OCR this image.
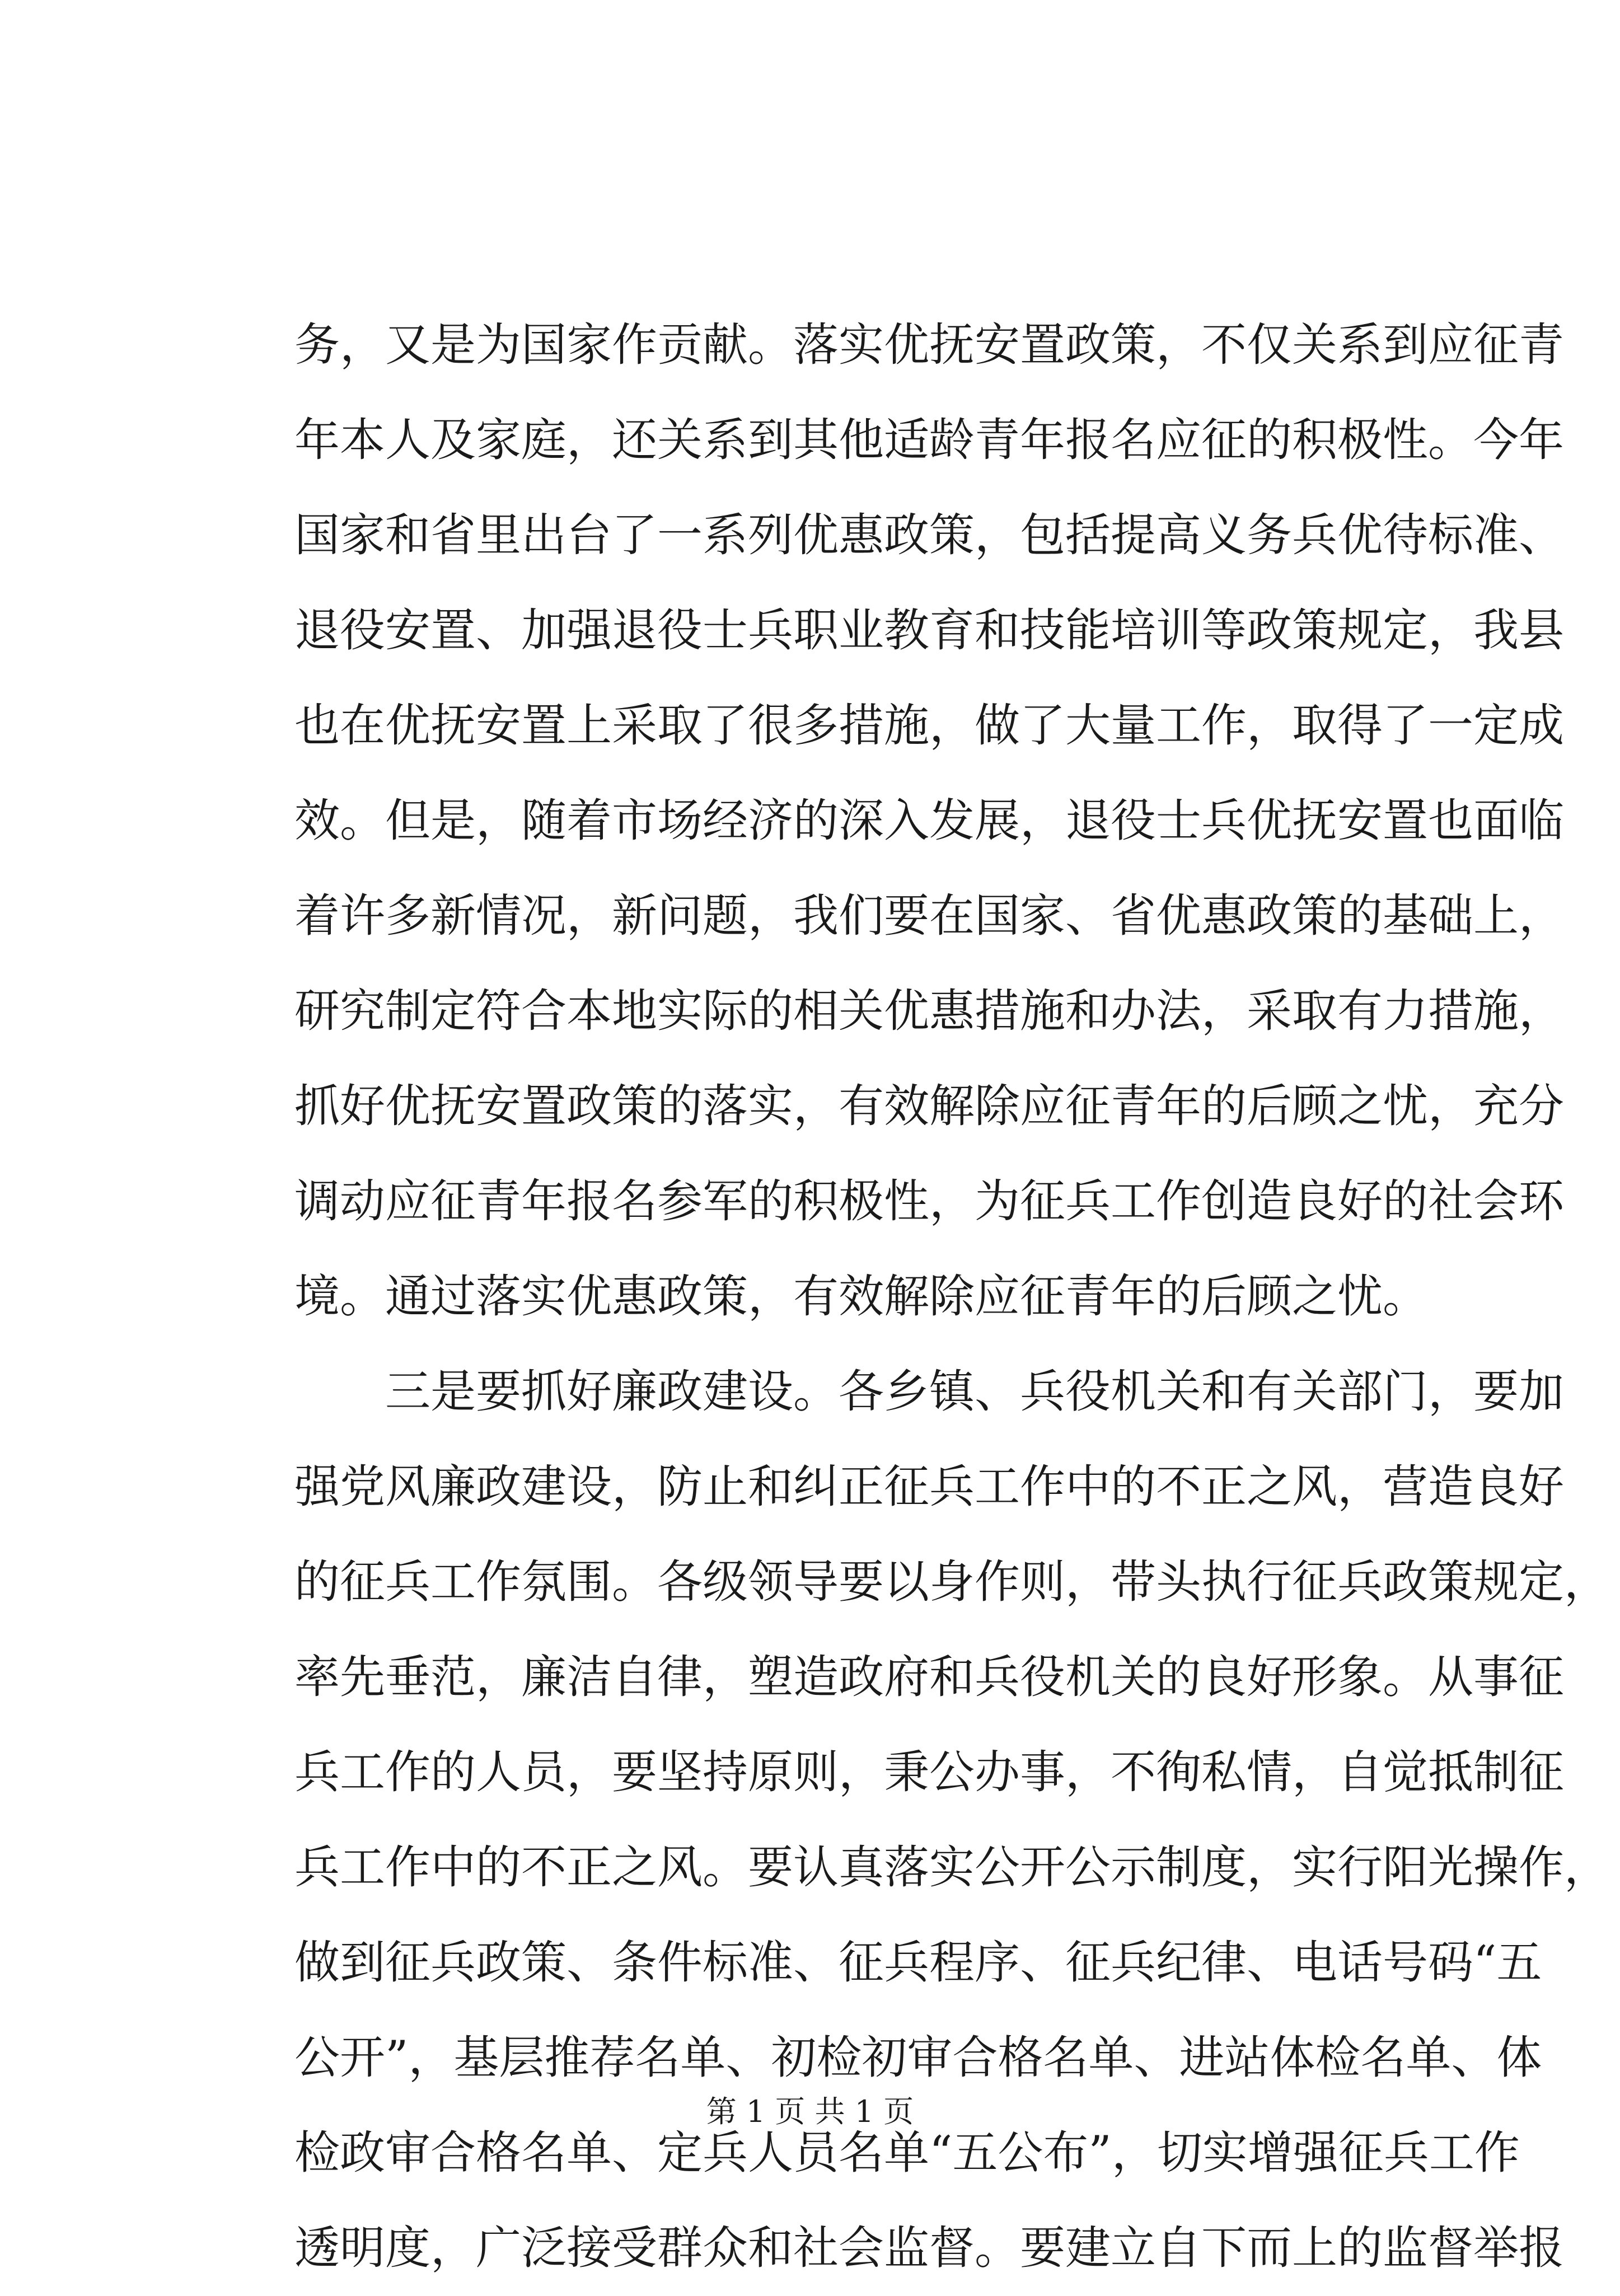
务，又是为国家作贡献。落实优抚安置政策，不仅关系到应征青
年本人及家庭，还关系到其他适龄青年报名应征的积极性。今年
国家和省里出台了一系列优惠政策，包括提高义务兵优待标准、
退役安置、加强退役士兵职业教育和技能培训等政策规定，我县
也在优抚安置上采取了很多措施，做了大量工作，取得了一定成
效。但是，随着市场经济的深入发展，退役士兵优抚安置也面临
着许多新情况，新问题，我们要在国家、省优惠政策的基础上，
研究制定符合本地实际的相关优惠措施和办法，采取有力措施，
抓好优抚安置政策的落实，有效解除应征青年的后顾之忧，充分
调动应征青年报名参军的积极性，为征兵工作创造良好的社会环
境。通过落实优惠政策，有效解除应征青年的后顾之忧。
三是要抓好廉政建设。各乡镇、兵役机关和有关部门，要加
强党风廉政建设，防止和纠正征兵工作中的不正之风，营造良好
的征兵工作氛围。各级领导要以身作则，带头执行征兵政策规定，
率先垂范，廉洁自律，塑造政府和兵役机关的良好形象。从事征
兵工作的人员，要坚持原则，秉公办事，不徇私情，自觉抵制征
兵工作中的不正之风。要认真落实公开公示制度，实行阳光操作，
做到征兵政策、条件标准、征兵程序、征兵纪律、电话号码“五
公开”，基层推荐名单、初检初审合格名单、进站体检名单、体
检政审合格名单、定兵人员名单“五公布”，切实增强征兵工作
透明度，广泛接受群众和社会监督。要建立自下而上的监督举报
第 1 页 共 1 页
